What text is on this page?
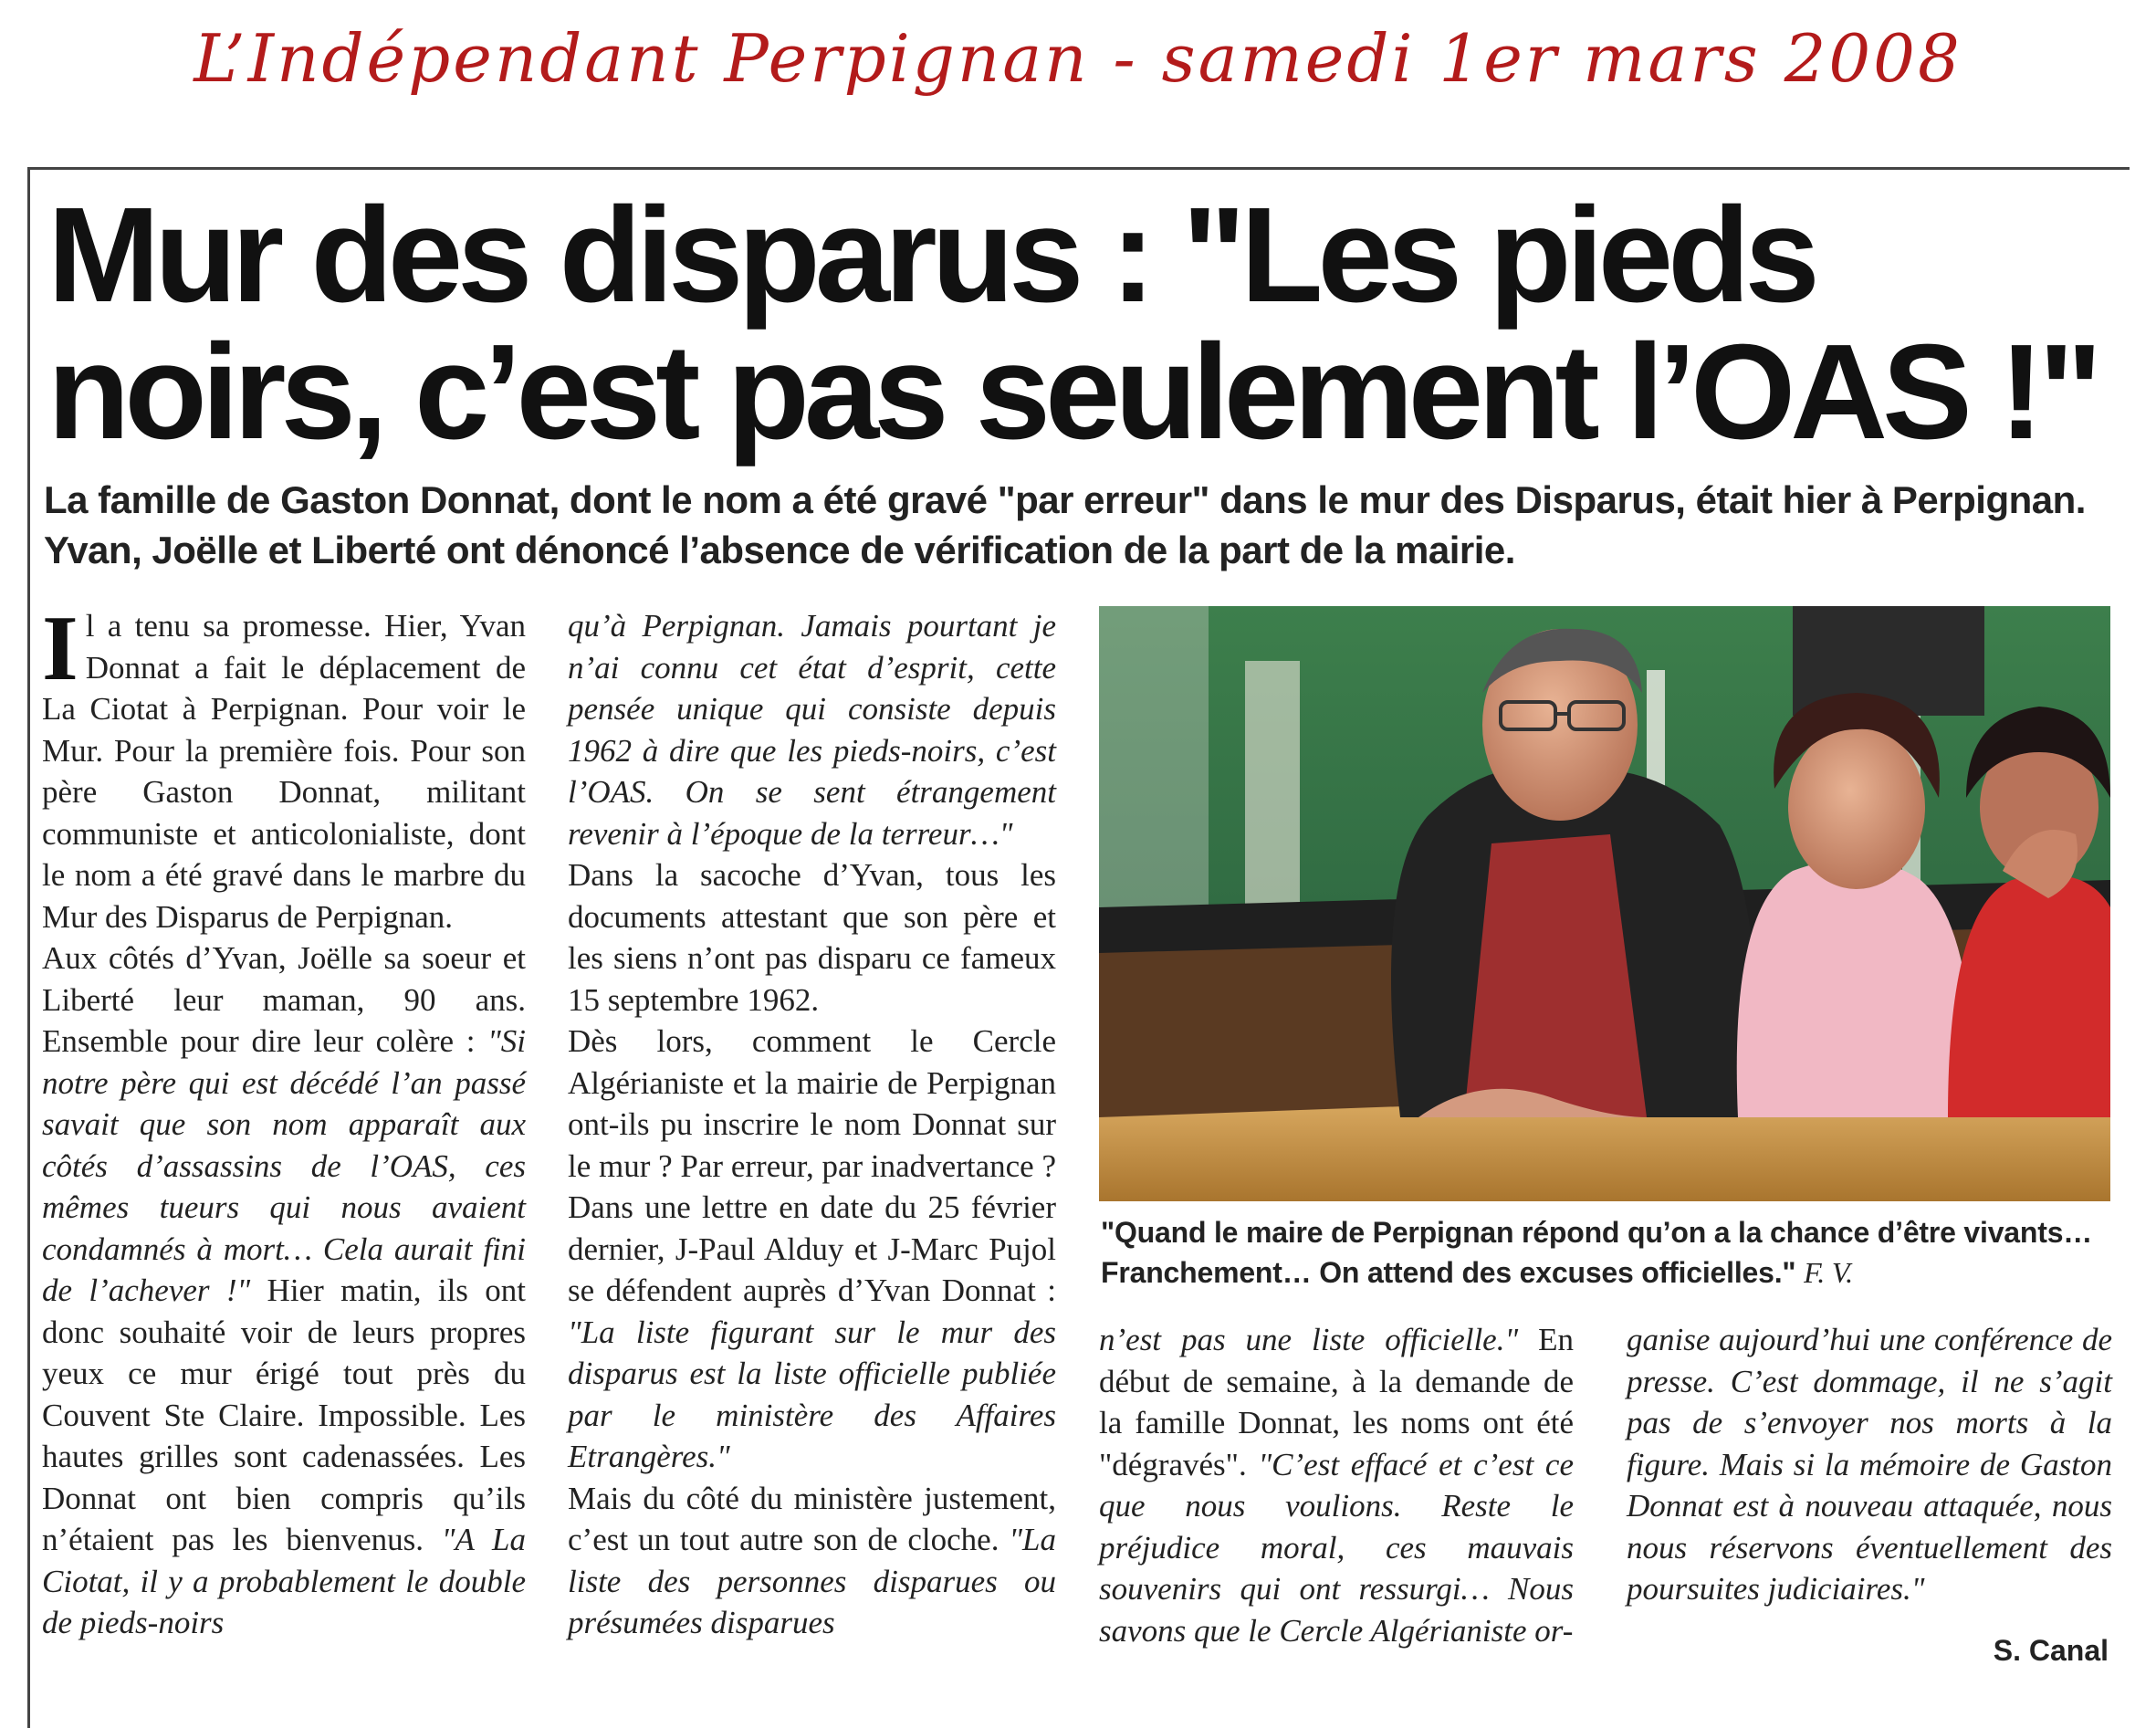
L’Indépendant Perpignan - samedi 1er mars 2008
Mur des disparus : "Les pieds
noirs, c’est pas seulement l’OAS !"
La famille de Gaston Donnat, dont le nom a été gravé "par erreur" dans le mur des Disparus, était hier à Perpignan. Yvan, Joëlle et Liberté ont dénoncé l’absence de vérification de la part de la mairie.

Il a tenu sa promesse. Hier, Yvan Donnat a fait le déplacement de La Ciotat à Perpignan. Pour voir le Mur. Pour la première fois. Pour son père Gaston Donnat, militant communiste et anticolonialiste, dont le nom a été gravé dans le marbre du Mur des Disparus de Perpignan.

Aux côtés d’Yvan, Joëlle sa soeur et Liberté leur maman, 90 ans. Ensemble pour dire leur colère : "Si notre père qui est décédé l’an passé savait que son nom apparaît aux côtés d’assassins de l’OAS, ces mêmes tueurs qui nous avaient condamnés à mort… Cela aurait fini de l’achever !" Hier matin, ils ont donc souhaité voir de leurs propres yeux ce mur érigé tout près du Couvent Ste Claire. Impossible. Les hautes grilles sont cadenassées. Les Donnat ont bien compris qu’ils n’étaient pas les bienvenus. "A La Ciotat, il y a probablement le double de pieds-noirs

qu’à Perpignan. Jamais pourtant je n’ai connu cet état d’esprit, cette pensée unique qui consiste depuis 1962 à dire que les pieds-noirs, c’est l’OAS. On se sent étrangement revenir à l’époque de la terreur…"

Dans la sacoche d’Yvan, tous les documents attestant que son père et les siens n’ont pas disparu ce fameux 15 septembre 1962.

Dès lors, comment le Cercle Algérianiste et la mairie de Perpignan ont-ils pu inscrire le nom Donnat sur le mur ? Par erreur, par inadvertance ? Dans une lettre en date du 25 février dernier, J-Paul Alduy et J-Marc Pujol se défendent auprès d’Yvan Donnat : "La liste figurant sur le mur des disparus est la liste officielle publiée par le ministère des Affaires Etrangères."

Mais du côté du ministère justement, c’est un tout autre son de cloche. "La liste des personnes disparues ou présumées disparues

"Quand le maire de Perpignan répond qu’on a la chance d’être vivants… Franchement… On attend des excuses officielles." F. V.

n’est pas une liste officielle." En début de semaine, à la demande de la famille Donnat, les noms ont été "dégravés". "C’est effacé et c’est ce que nous voulions. Reste le préjudice moral, ces mauvais souvenirs qui ont ressurgi… Nous savons que le Cercle Algérianiste or-

ganise aujourd’hui une conférence de presse. C’est dommage, il ne s’agit pas de s’envoyer nos morts à la figure. Mais si la mémoire de Gaston Donnat est à nouveau attaquée, nous nous réservons éventuellement des poursuites judiciaires."

S. Canal
